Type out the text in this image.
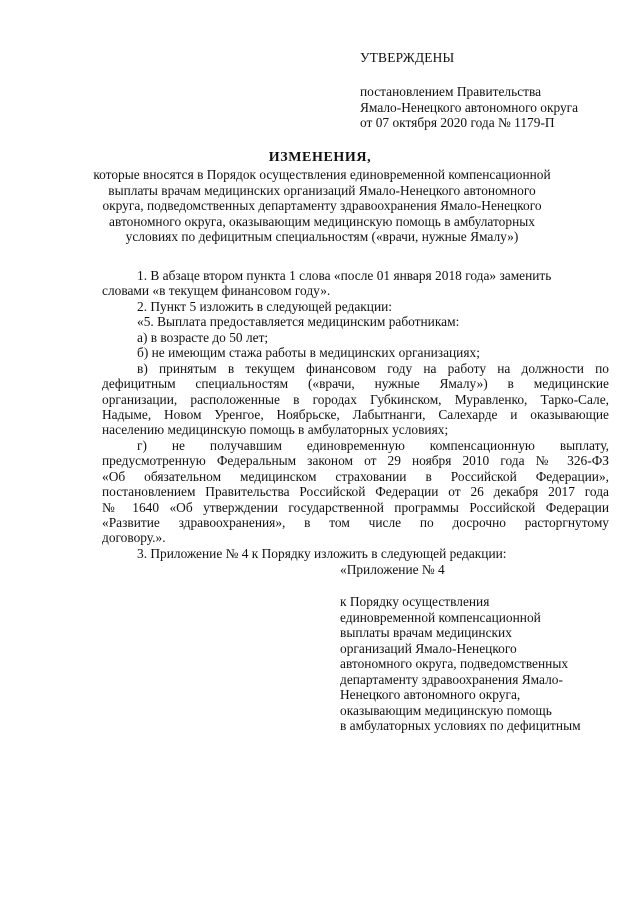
УТВЕРЖДЕНЫ
постановлением Правительства
Ямало-Ненецкого автономного округа
от 07 октября 2020 года № 1179-П
ИЗМЕНЕНИЯ,
которые вносятся в Порядок осуществления единовременной компенсационной
выплаты врачам медицинских организаций Ямало-Ненецкого автономного
округа, подведомственных департаменту здравоохранения Ямало-Ненецкого
автономного округа, оказывающим медицинскую помощь в амбулаторных
условиях по дефицитным специальностям («врачи, нужные Ямалу»)
1. В абзаце втором пункта 1 слова «после 01 января 2018 года» заменить
словами «в текущем финансовом году».
2. Пункт 5 изложить в следующей редакции:
«5. Выплата предоставляется медицинским работникам:
а) в возрасте до 50 лет;
б) не имеющим стажа работы в медицинских организациях;
в) принятым в текущем финансовом году на работу на должности по
дефицитным специальностям («врачи, нужные Ямалу») в медицинские
организации, расположенные в городах Губкинском, Муравленко, Тарко-Сале,
Надыме, Новом Уренгое, Ноябрьске, Лабытнанги, Салехарде и оказывающие
населению медицинскую помощь в амбулаторных условиях;
г) не получавшим единовременную компенсационную выплату,
предусмотренную Федеральным законом от 29 ноября 2010 года № 326-ФЗ
«Об обязательном медицинском страховании в Российской Федерации»,
постановлением Правительства Российской Федерации от 26 декабря 2017 года
№ 1640 «Об утверждении государственной программы Российской Федерации
«Развитие здравоохранения», в том числе по досрочно расторгнутому
договору.».
3. Приложение № 4 к Порядку изложить в следующей редакции:
«Приложение № 4
к Порядку осуществления
единовременной компенсационной
выплаты врачам медицинских
организаций Ямало-Ненецкого
автономного округа, подведомственных
департаменту здравоохранения Ямало-
Ненецкого автономного округа,
оказывающим медицинскую помощь
в амбулаторных условиях по дефицитным
